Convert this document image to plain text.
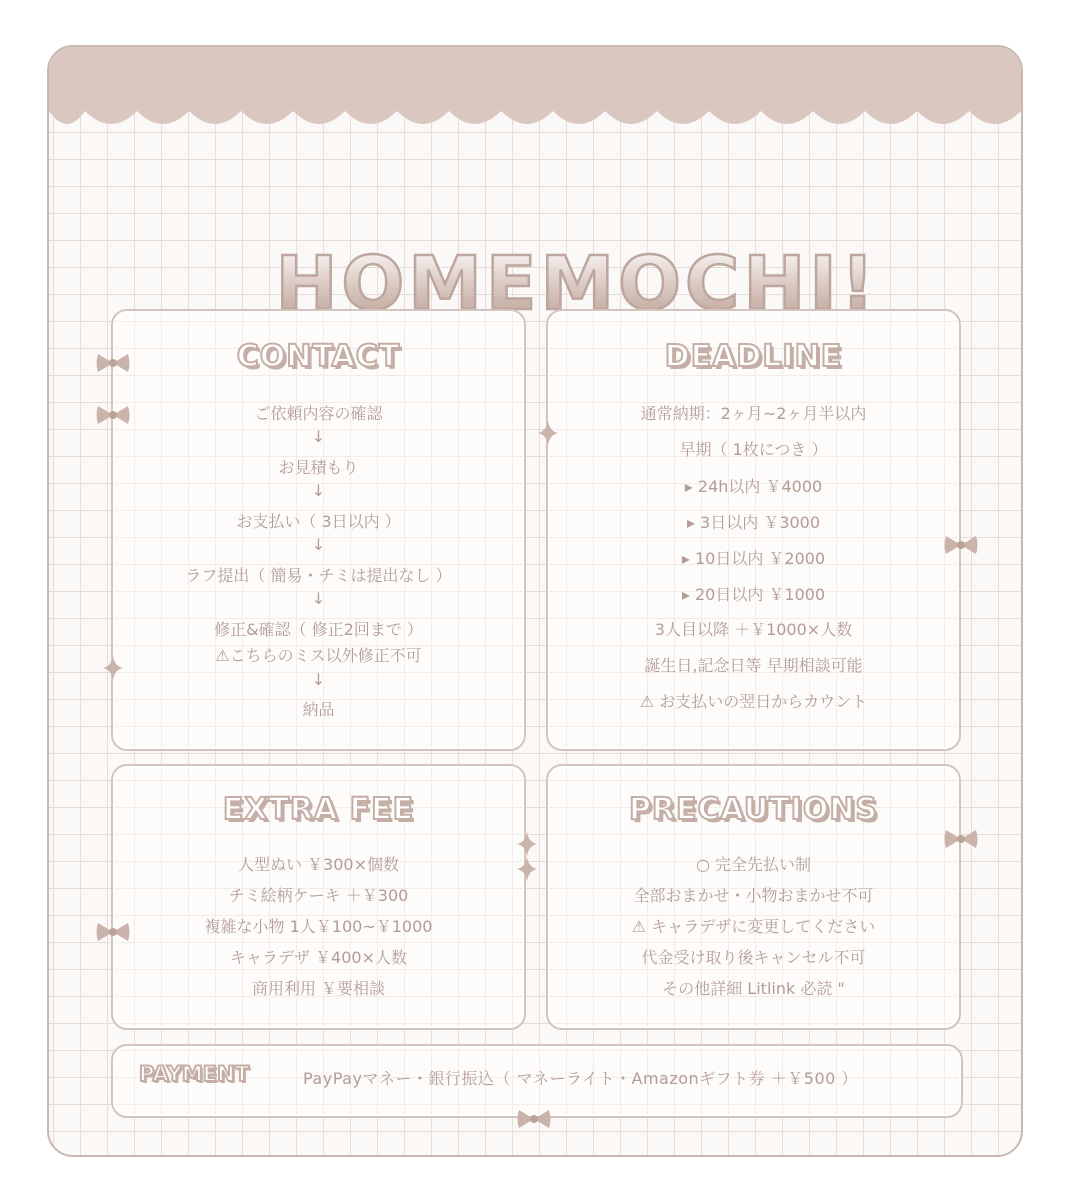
HOMEMOCHI!
CONTACT
ご依頼内容の確認
↓
お見積もり
↓
お支払い（ 3日以内 ）
↓
ラフ提出（ 簡易・チミは提出なし ）
↓
修正&確認（ 修正2回まで ）
⚠こちらのミス以外修正不可
↓
納品
DEADLINE
通常納期：2ヶ月~2ヶ月半以内
早期（ 1枚につき ）
▸ 24h以内 ￥4000
▸ 3日以内 ￥3000
▸ 10日以内 ￥2000
▸ 20日以内 ￥1000
3人目以降 ＋￥1000×人数
誕生日,記念日等 早期相談可能
⚠ お支払いの翌日からカウント
EXTRA FEE
人型ぬい ￥300×個数
チミ絵柄ケーキ ＋￥300
複雑な小物 1人￥100~￥1000
キャラデザ ￥400×人数
商用利用 ￥要相談
PRECAUTIONS
○ 完全先払い制
全部おまかせ・小物おまかせ不可
⚠ キャラデザに変更してください
代金受け取り後キャンセル不可
その他詳細 Litlink 必読 "
PAYMENT	PayPayマネー・銀行振込（ マネーライト・Amazonギフト券 ＋￥500 ）
